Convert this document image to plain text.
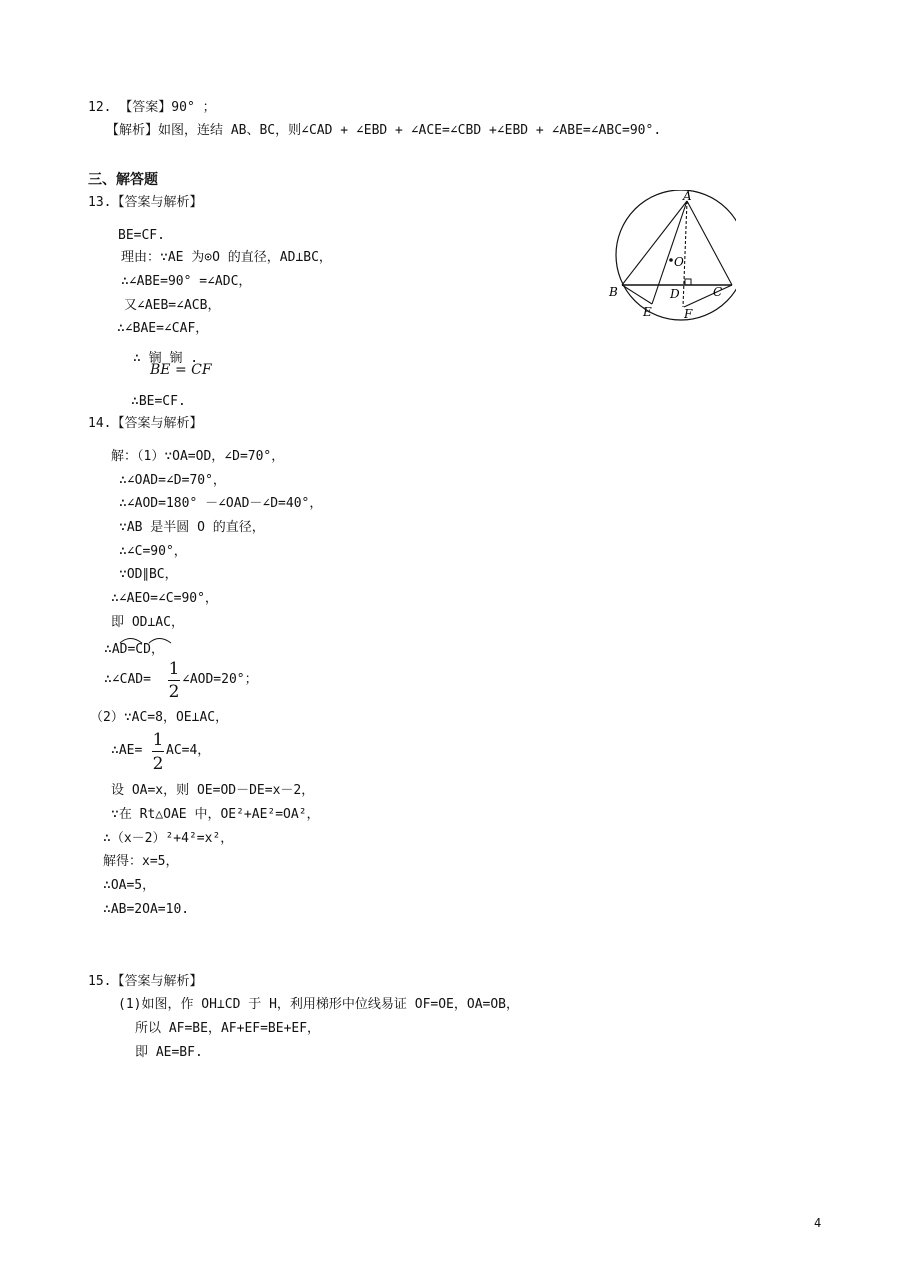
12. 【答案】90° ；
【解析】如图，连结 AB、BC，则∠CAD + ∠EBD + ∠ACE=∠CBD +∠EBD + ∠ABE=∠ABC=90°.
三、解答题
13.【答案与解析】
BE=CF.
理由：∵AE 为⊙O 的直径，AD⊥BC，
∴∠ABE=90° =∠ADC，
又∠AEB=∠ACB，
∴∠BAE=∠CAF，
∴ 锎 锎 .
BE = CF
∴BE=CF.
A
B	C
D
E	F
O
14.【答案与解析】
解：（1）∵OA=OD，∠D=70°，
∴∠OAD=∠D=70°，
∴∠AOD=180° －∠OAD－∠D=40°，
∵AB 是半圆 O 的直径，
∴∠C=90°，
∵OD∥BC，
∴∠AEO=∠C=90°，
即 OD⊥AC，
∴AD=CD，
∴∠CAD=
1
2
∠AOD=20°；
（2）∵AC=8，OE⊥AC，
∴AE=
1
2
AC=4，
设 OA=x，则 OE=OD－DE=x－2，
∵在 Rt△OAE 中，OE²+AE²=OA²，
∴（x－2）²+4²=x²，
解得：x=5，
∴OA=5，
∴AB=2OA=10.
15.【答案与解析】
(1)如图，作 OH⊥CD 于 H，利用梯形中位线易证 OF=OE，OA=OB，
所以 AF=BE，AF+EF=BE+EF，
即 AE=BF.
4
